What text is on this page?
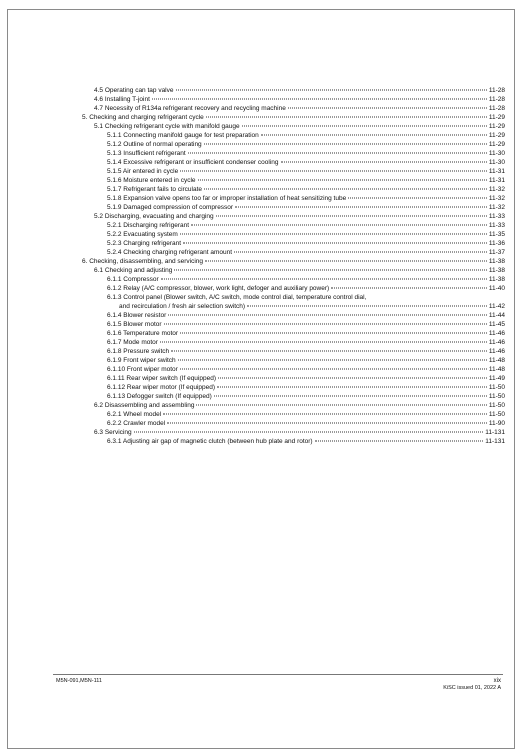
4.5 Operating can tap valve	11-28
4.6 Installing T-joint	11-28
4.7 Necessity of R134a refrigerant recovery and recycling machine	11-28
5. Checking and charging refrigerant cycle	11-29
5.1 Checking refrigerant cycle with manifold gauge	11-29
5.1.1 Connecting manifold gauge for test preparation	11-29
5.1.2 Outline of normal operating	11-29
5.1.3 Insufficient refrigerant	11-30
5.1.4 Excessive refrigerant or insufficient condenser cooling	11-30
5.1.5 Air entered in cycle	11-31
5.1.6 Moisture entered in cycle	11-31
5.1.7 Refrigerant fails to circulate	11-32
5.1.8 Expansion valve opens too far or improper installation of heat sensitizing tube	11-32
5.1.9 Damaged compression of compressor	11-32
5.2 Discharging, evacuating and charging	11-33
5.2.1 Discharging refrigerant	11-33
5.2.2 Evacuating system	11-35
5.2.3 Charging refrigerant	11-36
5.2.4 Checking charging refrigerant amount	11-37
6. Checking, disassembling, and servicing	11-38
6.1 Checking and adjusting	11-38
6.1.1 Compressor	11-38
6.1.2 Relay (A/C compressor, blower, work light, defoger and auxiliary power)	11-40
6.1.3 Control panel (Blower switch, A/C switch, mode control dial, temperature control dial,
and recirculation / fresh air selection switch)	11-42
6.1.4 Blower resistor	11-44
6.1.5 Blower motor	11-45
6.1.6 Temperature motor	11-46
6.1.7 Mode motor	11-46
6.1.8 Pressure switch	11-46
6.1.9 Front wiper switch	11-48
6.1.10 Front wiper motor	11-48
6.1.11 Rear wiper switch (If equipped)	11-49
6.1.12 Rear wiper motor (If equipped)	11-50
6.1.13 Defogger switch (If equipped)	11-50
6.2 Disassembling and assembling	11-50
6.2.1 Wheel model	11-50
6.2.2 Crawler model	11-90
6.3 Servicing	11-131
6.3.1 Adjusting air gap of magnetic clutch (between hub plate and rotor)	11-131
M5N-091,M5N-111	xix
KiSC issued 01, 2022 A
